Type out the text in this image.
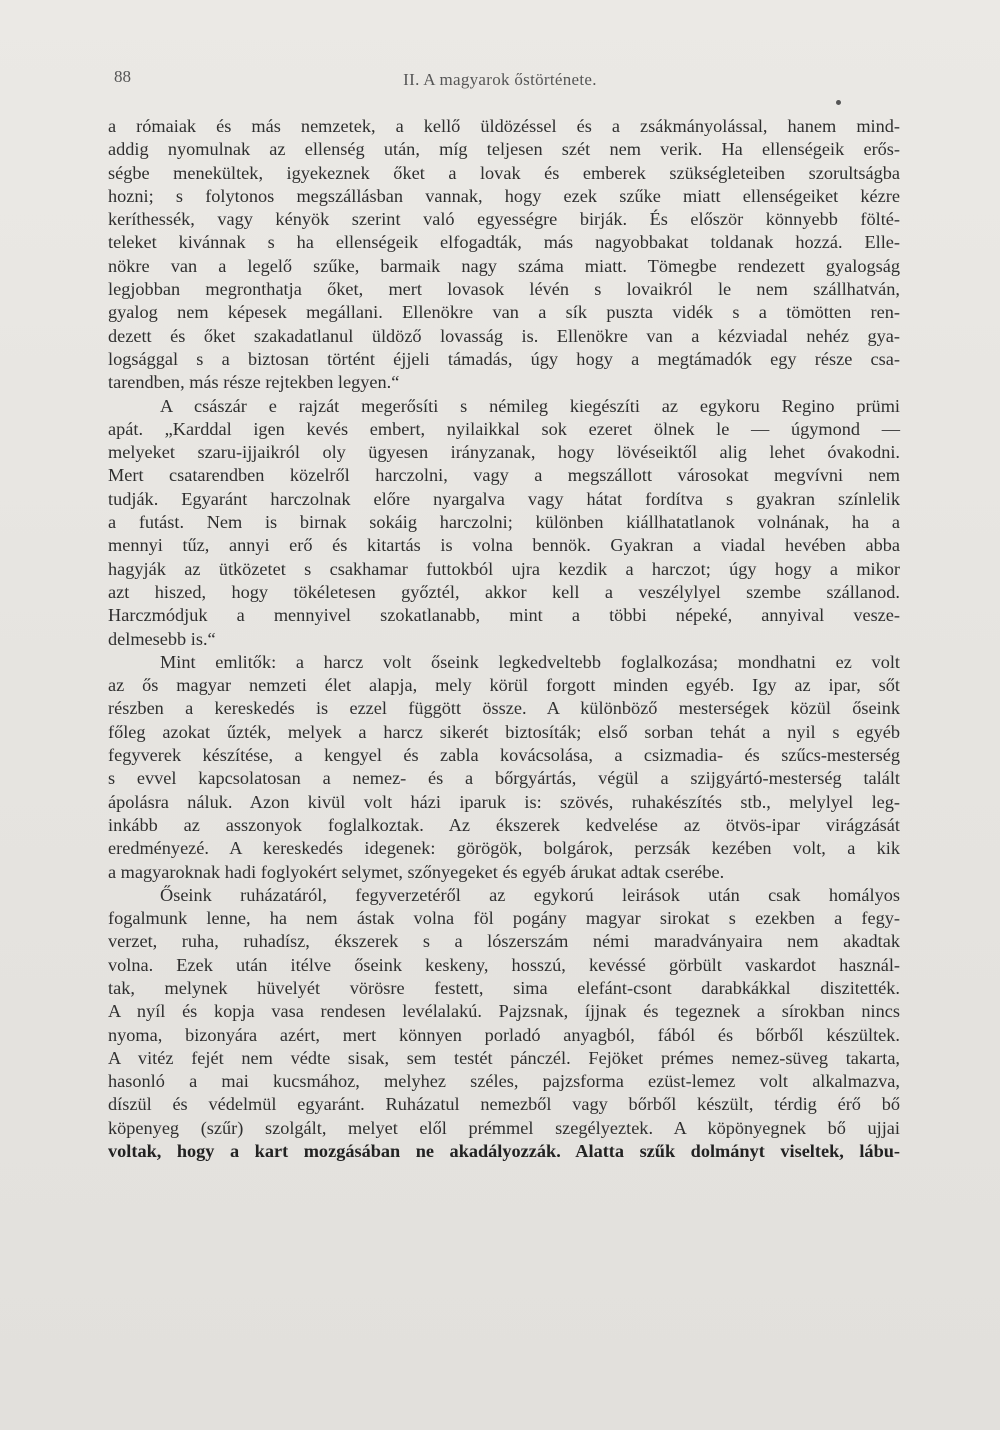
88	II. A magyarok őstörténete.
a rómaiak és más nemzetek, a kellő üldözéssel és a zsákmányolással, hanem mind-
addig nyomulnak az ellenség után, míg teljesen szét nem verik. Ha ellenségeik erős-
ségbe menekültek, igyekeznek őket a lovak és emberek szükségleteiben szorultságba
hozni; s folytonos megszállásban vannak, hogy ezek szűke miatt ellenségeiket kézre
keríthessék, vagy kényök szerint való egyességre birják. És először könnyebb fölté-
teleket kivánnak s ha ellenségeik elfogadták, más nagyobbakat toldanak hozzá. Elle-
nökre van a legelő szűke, barmaik nagy száma miatt. Tömegbe rendezett gyalogság
legjobban megronthatja őket, mert lovasok lévén s lovaikról le nem szállhatván,
gyalog nem képesek megállani. Ellenökre van a sík puszta vidék s a tömötten ren-
dezett és őket szakadatlanul üldöző lovasság is. Ellenökre van a kézviadal nehéz gya-
logsággal s a biztosan történt éjjeli támadás, úgy hogy a megtámadók egy része csa-
tarendben, más része rejtekben legyen.“
A császár e rajzát megerősíti s némileg kiegészíti az egykoru Regino prümi
apát. „Karddal igen kevés embert, nyilaikkal sok ezeret ölnek le — úgymond —
melyeket szaru-ijjaikról oly ügyesen irányzanak, hogy lövéseiktől alig lehet óvakodni.
Mert csatarendben közelről harczolni, vagy a megszállott városokat megvívni nem
tudják. Egyaránt harczolnak előre nyargalva vagy hátat fordítva s gyakran színlelik
a futást. Nem is birnak sokáig harczolni; különben kiállhatatlanok volnának, ha a
mennyi tűz, annyi erő és kitartás is volna bennök. Gyakran a viadal hevében abba
hagyják az ütközetet s csakhamar futtokból ujra kezdik a harczot; úgy hogy a mikor
azt hiszed, hogy tökéletesen győztél, akkor kell a veszélylyel szembe szállanod.
Harczmódjuk a mennyivel szokatlanabb, mint a többi népeké, annyival vesze-
delmesebb is.“
Mint emlitők: a harcz volt őseink legkedveltebb foglalkozása; mondhatni ez volt
az ős magyar nemzeti élet alapja, mely körül forgott minden egyéb. Igy az ipar, sőt
részben a kereskedés is ezzel függött össze. A különböző mesterségek közül őseink
főleg azokat űzték, melyek a harcz sikerét biztosíták; első sorban tehát a nyil s egyéb
fegyverek készítése, a kengyel és zabla kovácsolása, a csizmadia- és szűcs-mesterség
s evvel kapcsolatosan a nemez- és a bőrgyártás, végül a szijgyártó-mesterség talált
ápolásra náluk. Azon kivül volt házi iparuk is: szövés, ruhakészítés stb., melylyel leg-
inkább az asszonyok foglalkoztak. Az ékszerek kedvelése az ötvös-ipar virágzását
eredményezé. A kereskedés idegenek: görögök, bolgárok, perzsák kezében volt, a kik
a magyaroknak hadi foglyokért selymet, szőnyegeket és egyéb árukat adtak cserébe.
Őseink ruházatáról, fegyverzetéről az egykorú leirások után csak homályos
fogalmunk lenne, ha nem ástak volna föl pogány magyar sirokat s ezekben a fegy-
verzet, ruha, ruhadísz, ékszerek s a lószerszám némi maradványaira nem akadtak
volna. Ezek után itélve őseink keskeny, hosszú, kevéssé görbült vaskardot használ-
tak, melynek hüvelyét vörösre festett, sima elefánt-csont darabkákkal diszitették.
A nyíl és kopja vasa rendesen levélalakú. Pajzsnak, íjjnak és tegeznek a sírokban nincs
nyoma, bizonyára azért, mert könnyen porladó anyagból, fából és bőrből készültek.
A vitéz fejét nem védte sisak, sem testét pánczél. Fejöket prémes nemez-süveg takarta,
hasonló a mai kucsmához, melyhez széles, pajzsforma ezüst-lemez volt alkalmazva,
díszül és védelmül egyaránt. Ruházatul nemezből vagy bőrből készült, térdig érő bő
köpenyeg (szűr) szolgált, melyet elől prémmel szegélyeztek. A köpönyegnek bő ujjai
voltak, hogy a kart mozgásában ne akadályozzák. Alatta szűk dolmányt viseltek, lábu-
